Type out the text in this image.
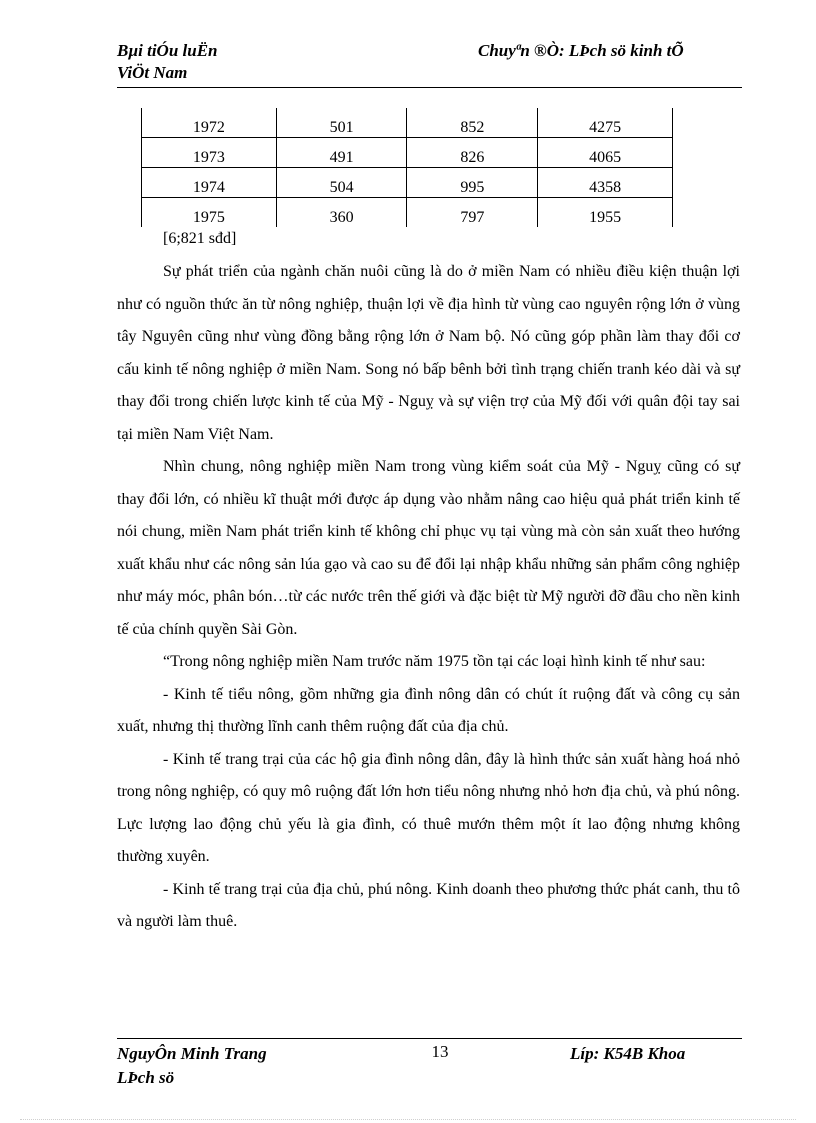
Bµi tiÓu luËn
ViÖt Nam
Chuyªn ®Ò: LÞch sö kinh tÕ
1972	501	852	4275
1973	491	826	4065
1974	504	995	4358
1975	360	797	1955
[6;821 sđd]

Sự phát triển của ngành chăn nuôi cũng là do ở miền Nam có nhiều điều kiện thuận lợi như có nguồn thức ăn từ nông nghiệp, thuận lợi về địa hình từ vùng cao nguyên rộng lớn ở vùng tây Nguyên cũng như vùng đồng bằng rộng lớn ở Nam bộ. Nó cũng góp phần làm thay đổi cơ cấu kinh tế nông nghiệp ở miền Nam. Song nó bấp bênh bởi tình trạng chiến tranh kéo dài và sự thay đổi trong chiến lược kinh tế của Mỹ - Nguỵ và sự viện trợ của Mỹ đối với quân đội tay sai tại miền Nam Việt Nam.

Nhìn chung, nông nghiệp miền Nam trong vùng kiểm soát của Mỹ - Nguỵ cũng có sự thay đổi lớn, có nhiều kĩ thuật mới được áp dụng vào nhằm nâng cao hiệu quả phát triển kinh tế nói chung, miền Nam phát triển kinh tế không chỉ phục vụ tại vùng mà còn sản xuất theo hướng xuất khẩu như các nông sản lúa gạo và cao su để đổi lại nhập khẩu những sản phẩm công nghiệp như máy móc, phân bón…từ các nước trên thế giới và đặc biệt từ Mỹ người đỡ đầu cho nền kinh tế của chính quyền Sài Gòn.

“Trong nông nghiệp miền Nam trước năm 1975 tồn tại các loại hình kinh tế như sau:

- Kinh tế tiểu nông, gồm những gia đình nông dân có chút ít ruộng đất và công cụ sản xuất, nhưng thị thường lĩnh canh thêm ruộng đất của địa chủ.

- Kinh tế trang trại của các hộ gia đình nông dân, đây là hình thức sản xuất hàng hoá nhỏ trong nông nghiệp, có quy mô ruộng đất lớn hơn tiểu nông nhưng nhỏ hơn địa chủ, và phú nông. Lực lượng lao động chủ yếu là gia đình, có thuê mướn thêm một ít lao động nhưng không thường xuyên.

- Kinh tế trang trại của địa chủ, phú nông. Kinh doanh theo phương thức phát canh, thu tô và người làm thuê.

NguyÔn Minh Trang
LÞch sö
13	Líp: K54B Khoa
